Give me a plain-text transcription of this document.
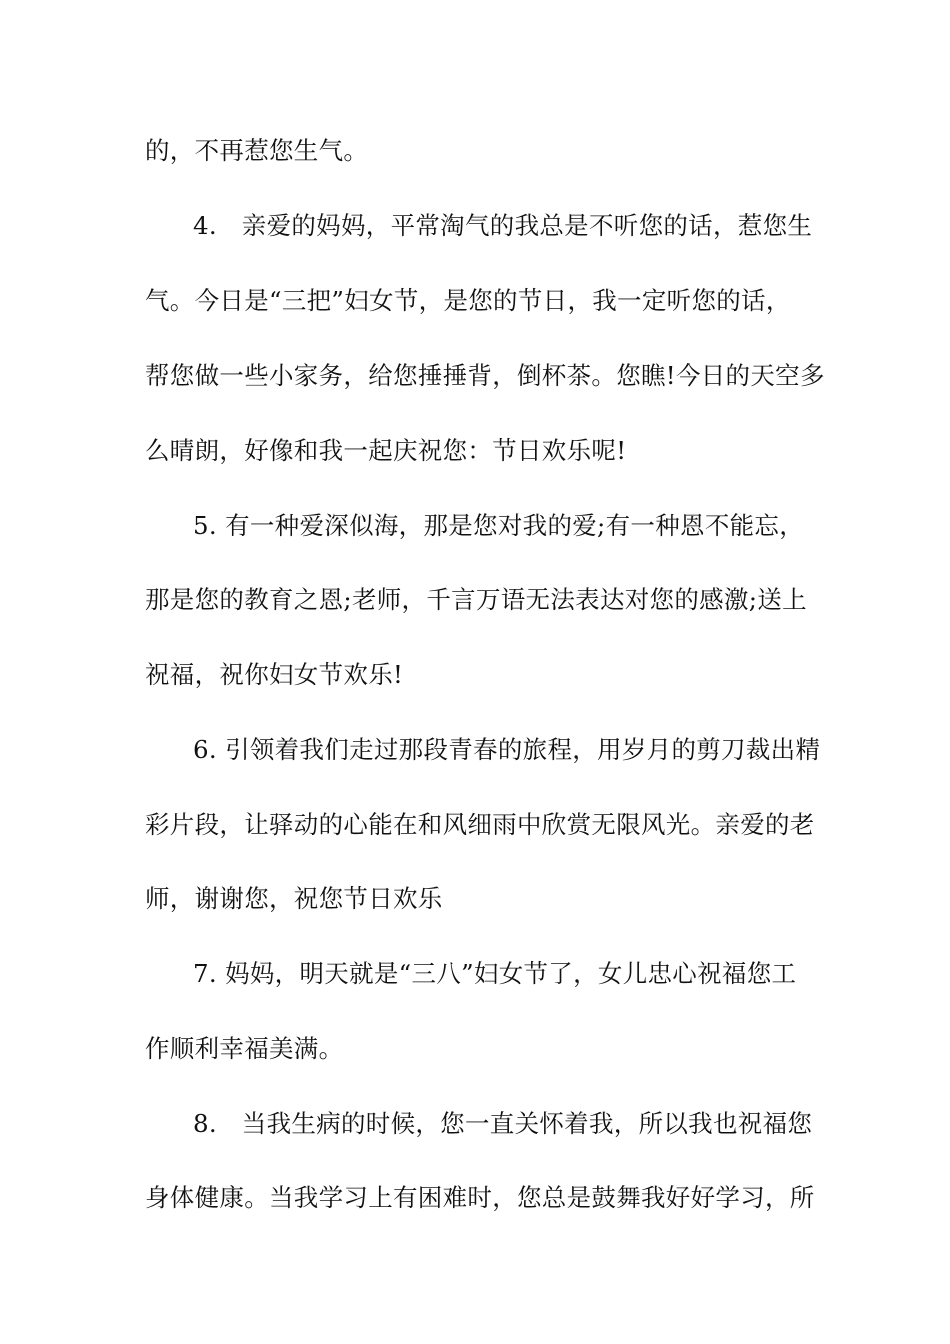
的，不再惹您生气。
4.　亲爱的妈妈，平常淘气的我总是不听您的话，惹您生
气。今日是“三把”妇女节，是您的节日，我一定听您的话，
帮您做一些小家务，给您捶捶背，倒杯茶。您瞧!今日的天空多
么晴朗，好像和我一起庆祝您：节日欢乐呢!
5. 有一种爱深似海，那是您对我的爱;有一种恩不能忘，
那是您的教育之恩;老师，千言万语无法表达对您的感激;送上
祝福，祝你妇女节欢乐!
6. 引领着我们走过那段青春的旅程，用岁月的剪刀裁出精
彩片段，让驿动的心能在和风细雨中欣赏无限风光。亲爱的老
师，谢谢您，祝您节日欢乐
7. 妈妈，明天就是“三八”妇女节了，女儿忠心祝福您工
作顺利幸福美满。
8.　当我生病的时候，您一直关怀着我，所以我也祝福您
身体健康。当我学习上有困难时，您总是鼓舞我好好学习，所
